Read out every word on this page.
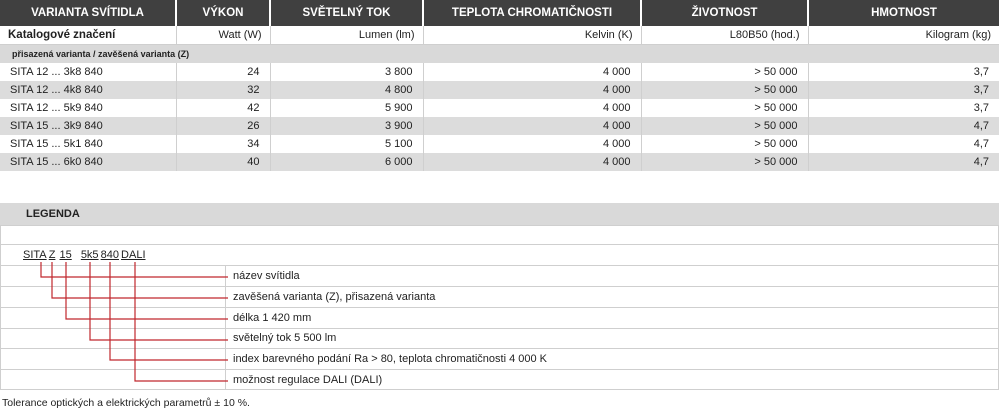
VARIANTA SVÍTIDLA	VÝKON	SVĚTELNÝ TOK	TEPLOTA CHROMATIČNOSTI	ŽIVOTNOST	HMOTNOST
Katalogové značení	Watt (W)	Lumen (lm)	Kelvin (K)	L80B50 (hod.)	Kilogram (kg)
přisazená varianta / zavěšená varianta (Z)					
SITA 12 ... 3k8 840	24	3 800	4 000	> 50 000	3,7
SITA 12 ... 4k8 840	32	4 800	4 000	> 50 000	3,7
SITA 12 ... 5k9 840	42	5 900	4 000	> 50 000	3,7
SITA 15 ... 3k9 840	26	3 900	4 000	> 50 000	4,7
SITA 15 ... 5k1 840	34	5 100	4 000	> 50 000	4,7
SITA 15 ... 6k0 840	40	6 000	4 000	> 50 000	4,7
LEGENDA
SITA Z 15 5k5 840 DALI
název svítidla
zavěšená varianta (Z), přisazená varianta
délka 1 420 mm
světelný tok 5 500 lm
index barevného podání Ra > 80, teplota chromatičnosti 4 000 K
možnost regulace DALI (DALI)
Tolerance optických a elektrických parametrů ± 10 %.
